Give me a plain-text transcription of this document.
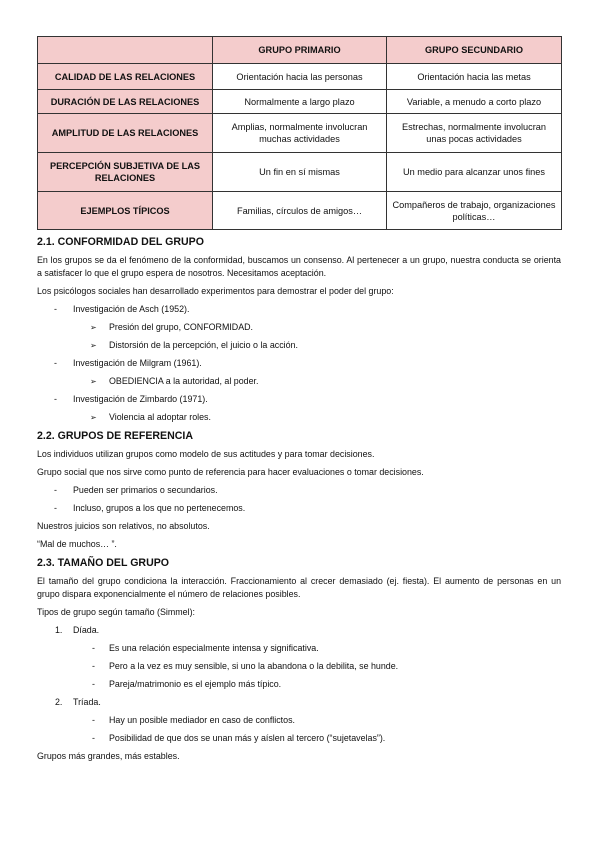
	GRUPO PRIMARIO	GRUPO SECUNDARIO
CALIDAD DE LAS RELACIONES	Orientación hacia las personas	Orientación hacia las metas
DURACIÓN DE LAS RELACIONES	Normalmente a largo plazo	Variable, a menudo a corto plazo
AMPLITUD DE LAS RELACIONES	Amplias, normalmente involucran muchas actividades	Estrechas, normalmente involucran unas pocas actividades
PERCEPCIÓN SUBJETIVA DE LAS RELACIONES	Un fin en sí mismas	Un medio para alcanzar unos fines
EJEMPLOS TÍPICOS	Familias, círculos de amigos…	Compañeros de trabajo, organizaciones políticas…
2.1. CONFORMIDAD DEL GRUPO

En los grupos se da el fenómeno de la conformidad, buscamos un consenso. Al pertenecer a un grupo, nuestra conducta se orienta a satisfacer lo que el grupo espera de nosotros. Necesitamos aceptación.

Los psicólogos sociales han desarrollado experimentos para demostrar el poder del grupo:

- Investigación de Asch (1952).
➢ Presión del grupo, CONFORMIDAD.
➢ Distorsión de la percepción, el juicio o la acción.
- Investigación de Milgram (1961).
➢ OBEDIENCIA a la autoridad, al poder.
- Investigación de Zimbardo (1971).
➢ Violencia al adoptar roles.
2.2. GRUPOS DE REFERENCIA

Los individuos utilizan grupos como modelo de sus actitudes y para tomar decisiones.

Grupo social que nos sirve como punto de referencia para hacer evaluaciones o tomar decisiones.

- Pueden ser primarios o secundarios.
- Incluso, grupos a los que no pertenecemos.

Nuestros juicios son relativos, no absolutos.

“Mal de muchos… ”.

2.3. TAMAÑO DEL GRUPO

El tamaño del grupo condiciona la interacción. Fraccionamiento al crecer demasiado (ej. fiesta). El aumento de personas en un grupo dispara exponencialmente el número de relaciones posibles.

Tipos de grupo según tamaño (Simmel):

1. Díada.
- Es una relación especialmente intensa y significativa.
- Pero a la vez es muy sensible, si uno la abandona o la debilita, se hunde.
- Pareja/matrimonio es el ejemplo más típico.
2. Tríada.
- Hay un posible mediador en caso de conflictos.
- Posibilidad de que dos se unan más y aíslen al tercero (“sujetavelas”).

Grupos más grandes, más estables.
